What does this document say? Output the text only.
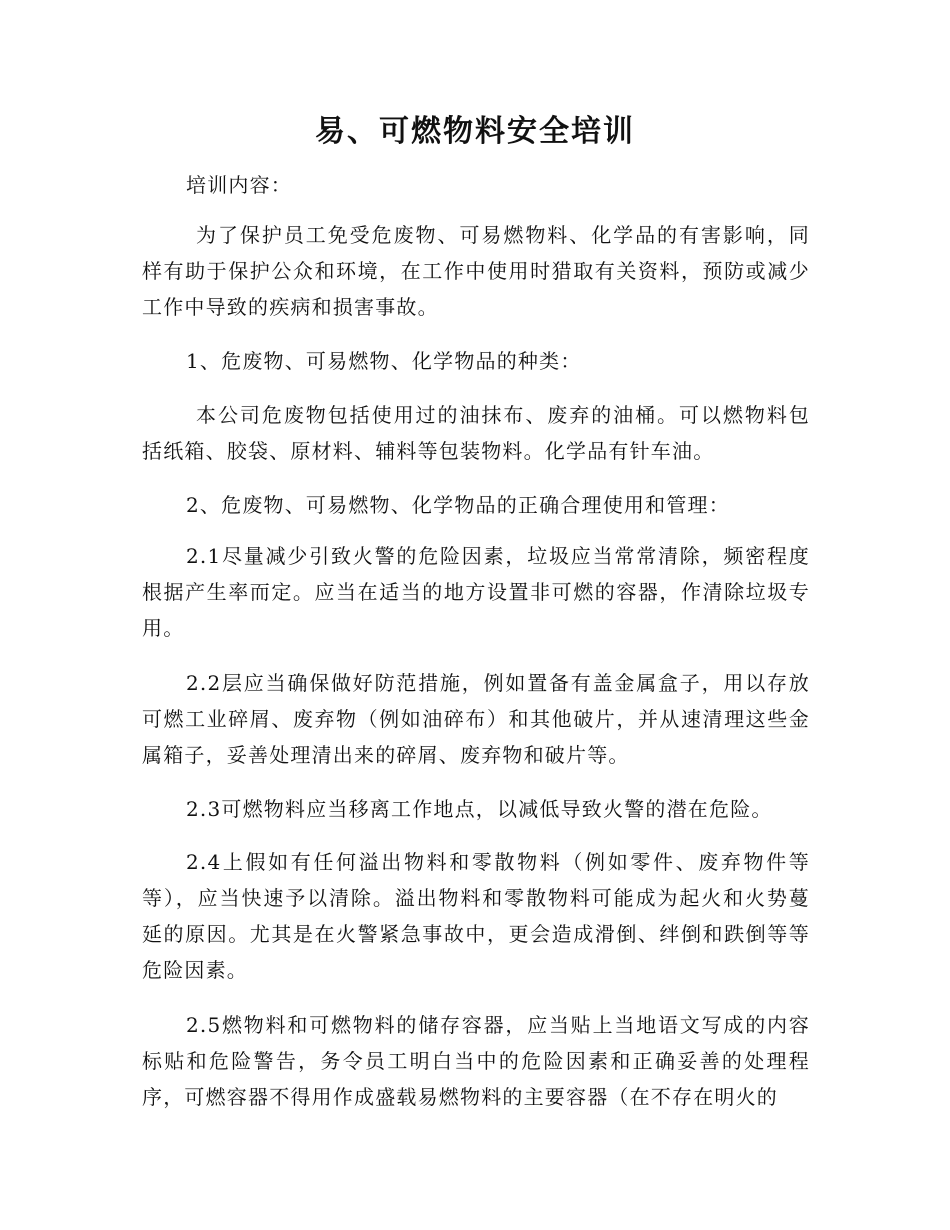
易、可燃物料安全培训

培训内容：

为了保护员工免受危废物、可易燃物料、化学品的有害影响，同样有助于保护公众和环境，在工作中使用时猎取有关资料，预防或减少工作中导致的疾病和损害事故。

1、危废物、可易燃物、化学物品的种类：

本公司危废物包括使用过的油抹布、废弃的油桶。可以燃物料包括纸箱、胶袋、原材料、辅料等包装物料。化学品有针车油。

2、危废物、可易燃物、化学物品的正确合理使用和管理：

2.1尽量减少引致火警的危险因素，垃圾应当常常清除，频密程度根据产生率而定。应当在适当的地方设置非可燃的容器，作清除垃圾专用。

2.2层应当确保做好防范措施，例如置备有盖金属盒子，用以存放可燃工业碎屑、废弃物（例如油碎布）和其他破片，并从速清理这些金属箱子，妥善处理清出来的碎屑、废弃物和破片等。

2.3可燃物料应当移离工作地点，以减低导致火警的潜在危险。

2.4上假如有任何溢出物料和零散物料（例如零件、废弃物件等等），应当快速予以清除。溢出物料和零散物料可能成为起火和火势蔓延的原因。尤其是在火警紧急事故中，更会造成滑倒、绊倒和跌倒等等危险因素。

2.5燃物料和可燃物料的储存容器，应当贴上当地语文写成的内容标贴和危险警告，务令员工明白当中的危险因素和正确妥善的处理程序，可燃容器不得用作成盛载易燃物料的主要容器（在不存在明火的
